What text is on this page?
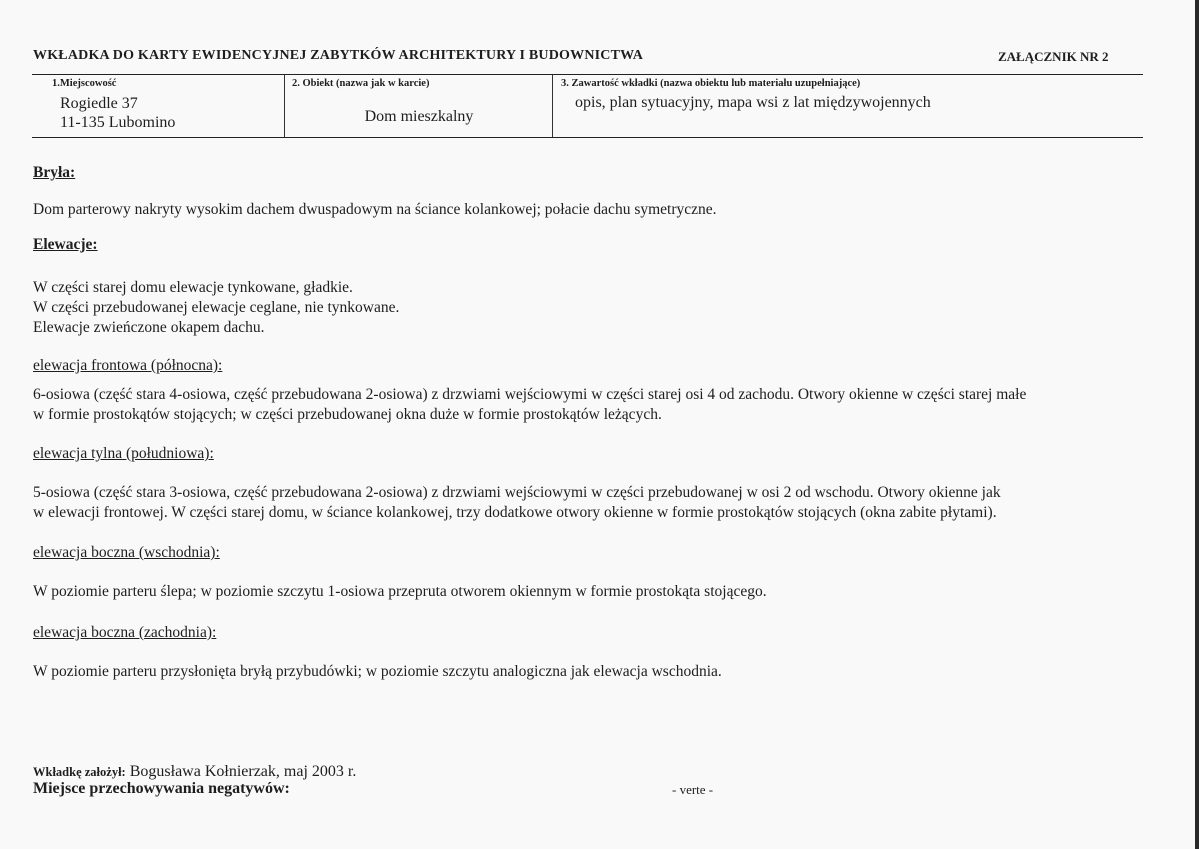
WKŁADKA DO KARTY EWIDENCYJNEJ ZABYTKÓW ARCHITEKTURY I BUDOWNICTWA	ZAŁĄCZNIK NR 2
1.Miejscowość
Rogiedle 37
11-135 Lubomino
2. Obiekt (nazwa jak w karcie)
Dom mieszkalny
3. Zawartość wkładki (nazwa obiektu lub materiału uzupełniające)
opis, plan sytuacyjny, mapa wsi z lat międzywojennych
Bryła:
Dom parterowy nakryty wysokim dachem dwuspadowym na ściance kolankowej; połacie dachu symetryczne.
Elewacje:
W części starej domu elewacje tynkowane, gładkie.
W części przebudowanej elewacje ceglane, nie tynkowane.
Elewacje zwieńczone okapem dachu.
elewacja frontowa (północna):
6-osiowa (część stara 4-osiowa, część przebudowana 2-osiowa) z drzwiami wejściowymi w części starej osi 4 od zachodu. Otwory okienne w części starej małe
w formie prostokątów stojących; w części przebudowanej okna duże w formie prostokątów leżących.
elewacja tylna (południowa):
5-osiowa (część stara 3-osiowa, część przebudowana 2-osiowa) z drzwiami wejściowymi w części przebudowanej w osi 2 od wschodu. Otwory okienne jak
w elewacji frontowej. W części starej domu, w ściance kolankowej, trzy dodatkowe otwory okienne w formie prostokątów stojących (okna zabite płytami).
elewacja boczna (wschodnia):
W poziomie parteru ślepa; w poziomie szczytu 1-osiowa przepruta otworem okiennym w formie prostokąta stojącego.
elewacja boczna (zachodnia):
W poziomie parteru przysłonięta bryłą przybudówki; w poziomie szczytu analogiczna jak elewacja wschodnia.
Wkładkę założył: Bogusława Kołnierzak, maj 2003 r.
Miejsce przechowywania negatywów:	- verte -
